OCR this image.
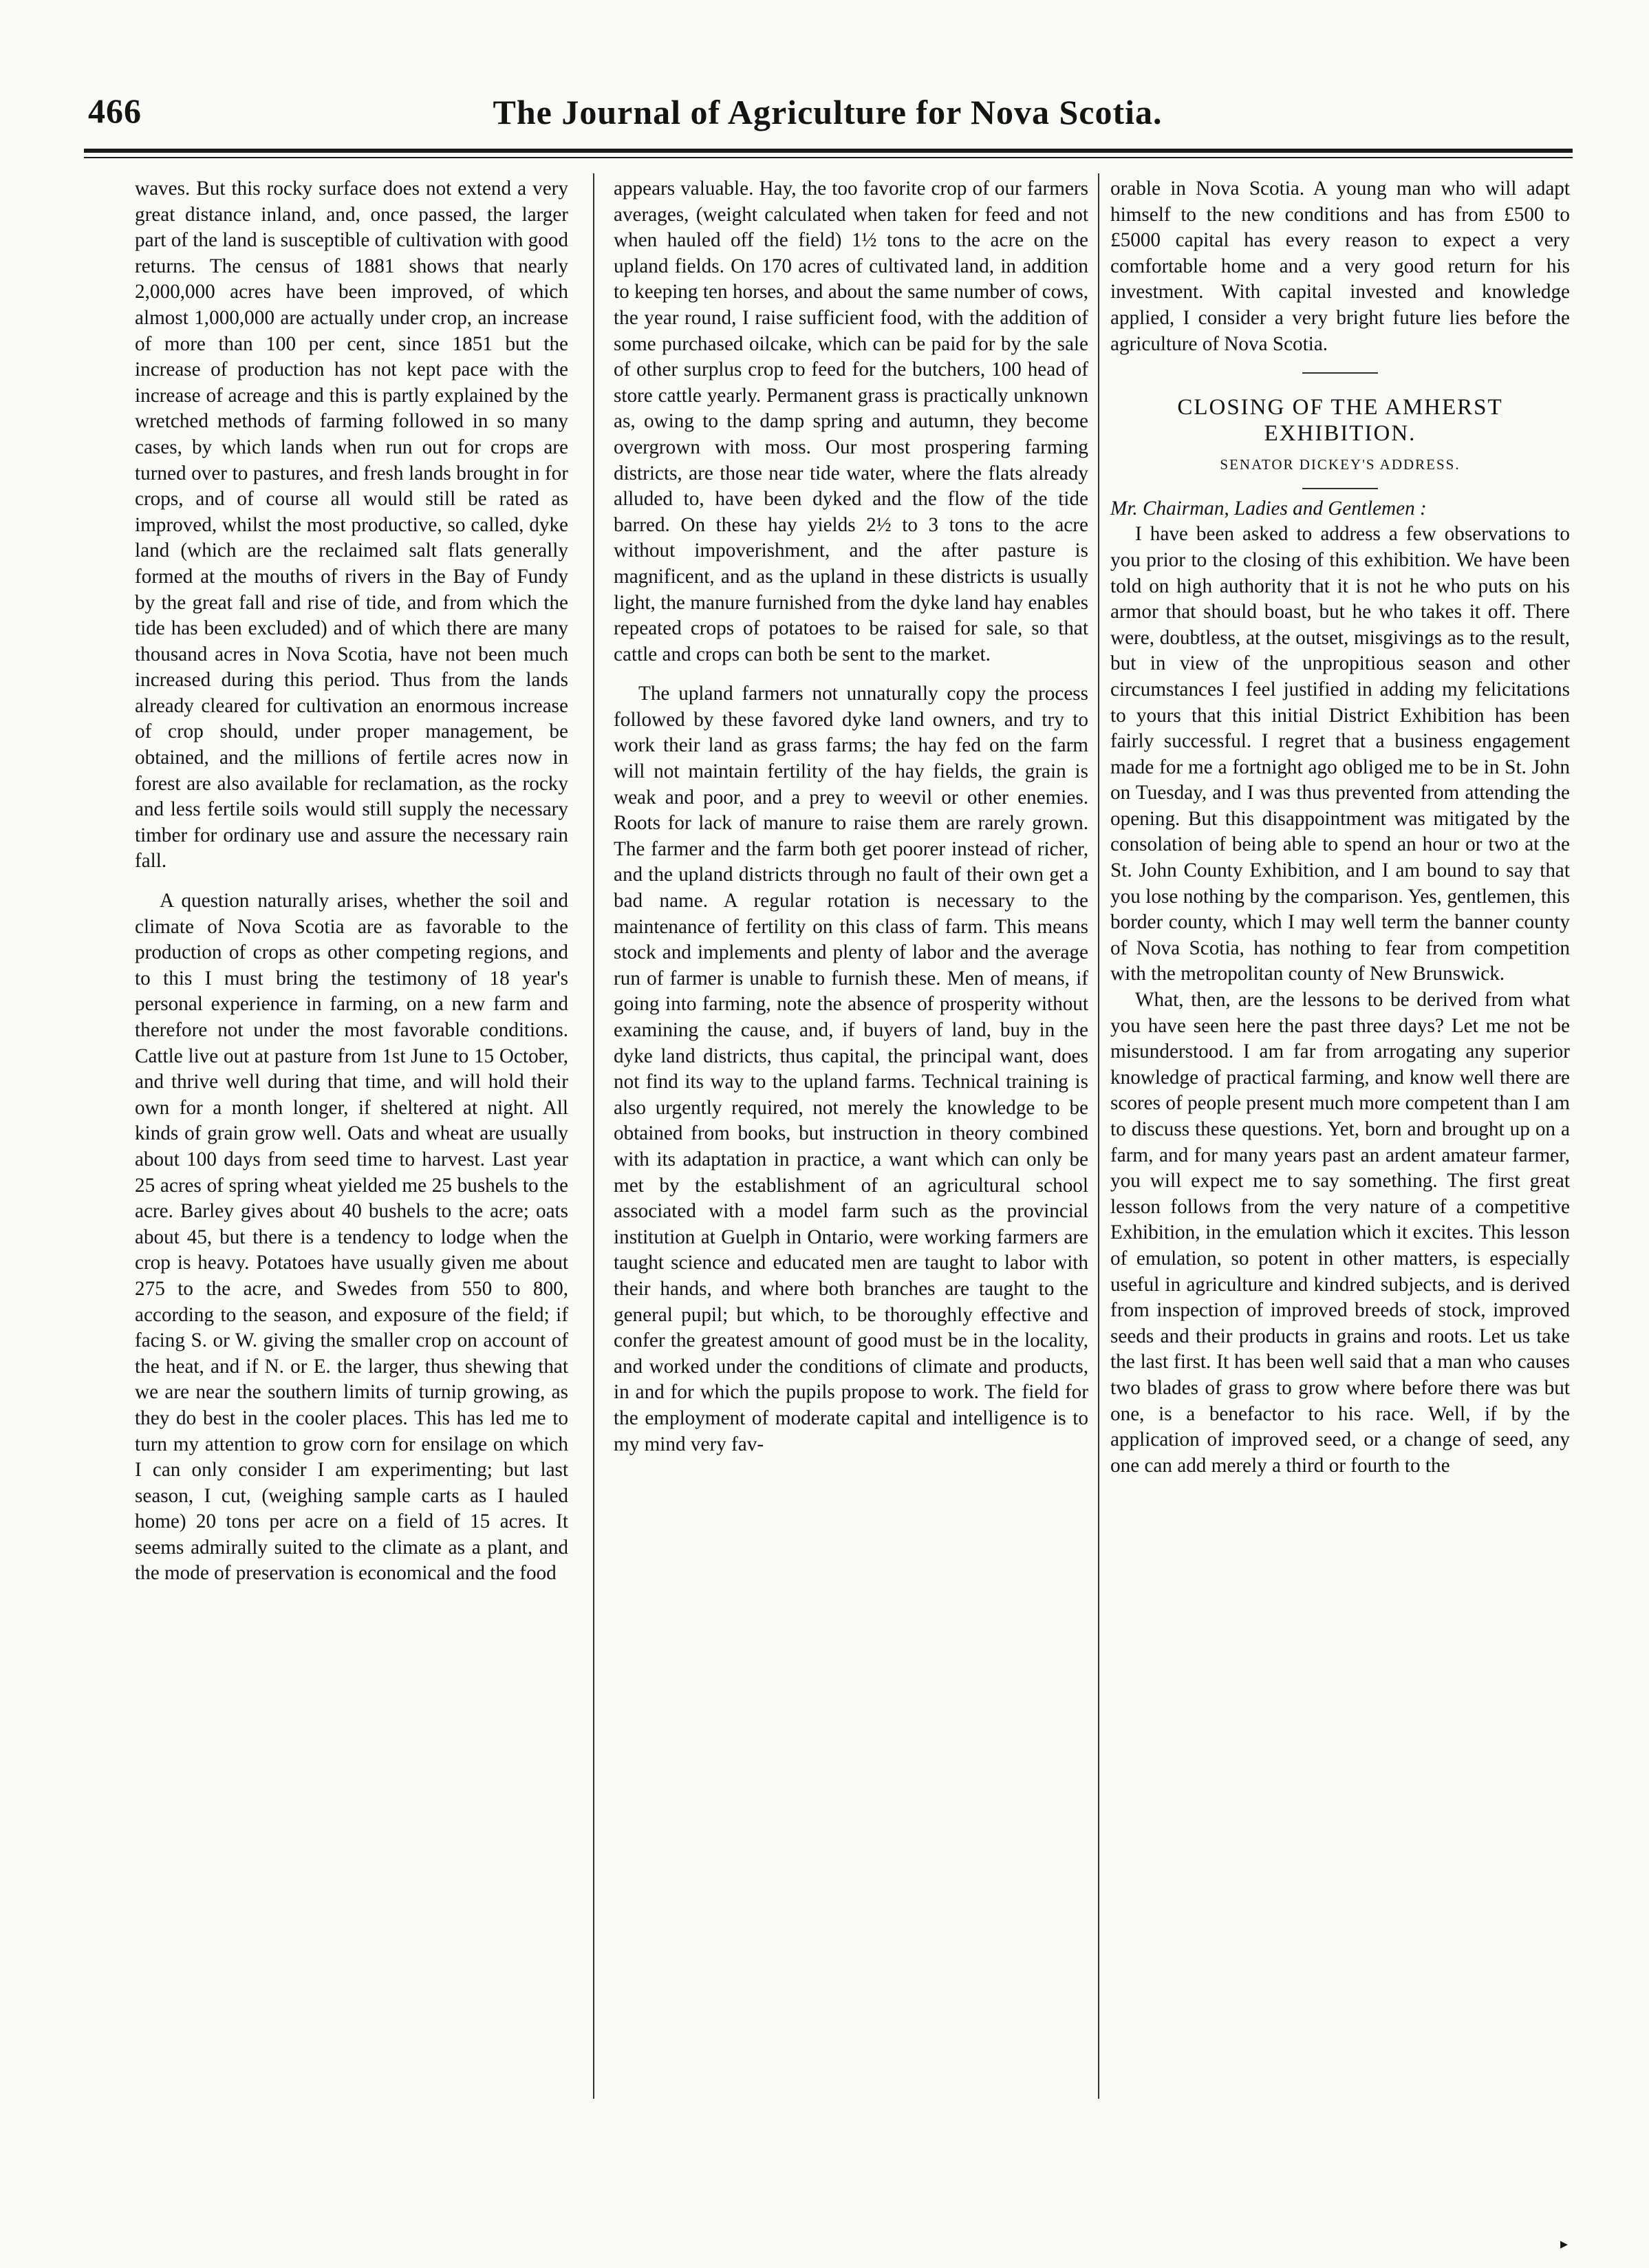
466	The Journal of Agriculture for Nova Scotia.

waves. But this rocky surface does not extend a very great distance inland, and, once passed, the larger part of the land is susceptible of cultivation with good returns. The census of 1881 shows that nearly 2,000,000 acres have been improved, of which almost 1,000,000 are actually under crop, an increase of more than 100 per cent, since 1851 but the increase of production has not kept pace with the increase of acreage and this is partly explained by the wretched methods of farming followed in so many cases, by which lands when run out for crops are turned over to pastures, and fresh lands brought in for crops, and of course all would still be rated as improved, whilst the most productive, so called, dyke land (which are the reclaimed salt flats generally formed at the mouths of rivers in the Bay of Fundy by the great fall and rise of tide, and from which the tide has been excluded) and of which there are many thousand acres in Nova Scotia, have not been much increased during this period. Thus from the lands already cleared for cultivation an enormous increase of crop should, under proper management, be obtained, and the millions of fertile acres now in forest are also available for reclamation, as the rocky and less fertile soils would still supply the necessary timber for ordinary use and assure the necessary rain fall.

A question naturally arises, whether the soil and climate of Nova Scotia are as favorable to the production of crops as other competing regions, and to this I must bring the testimony of 18 year's personal experience in farming, on a new farm and therefore not under the most favorable conditions. Cattle live out at pasture from 1st June to 15 October, and thrive well during that time, and will hold their own for a month longer, if sheltered at night. All kinds of grain grow well. Oats and wheat are usually about 100 days from seed time to harvest. Last year 25 acres of spring wheat yielded me 25 bushels to the acre. Barley gives about 40 bushels to the acre; oats about 45, but there is a tendency to lodge when the crop is heavy. Potatoes have usually given me about 275 to the acre, and Swedes from 550 to 800, according to the season, and exposure of the field; if facing S. or W. giving the smaller crop on account of the heat, and if N. or E. the larger, thus shewing that we are near the southern limits of turnip growing, as they do best in the cooler places. This has led me to turn my attention to grow corn for ensilage on which I can only consider I am experimenting; but last season, I cut, (weighing sample carts as I hauled home) 20 tons per acre on a field of 15 acres. It seems admirally suited to the climate as a plant, and the mode of preservation is economical and the food

appears valuable. Hay, the too favorite crop of our farmers averages, (weight calculated when taken for feed and not when hauled off the field) 1½ tons to the acre on the upland fields. On 170 acres of cultivated land, in addition to keeping ten horses, and about the same number of cows, the year round, I raise sufficient food, with the addition of some purchased oilcake, which can be paid for by the sale of other surplus crop to feed for the butchers, 100 head of store cattle yearly. Permanent grass is practically unknown as, owing to the damp spring and autumn, they become overgrown with moss. Our most prospering farming districts, are those near tide water, where the flats already alluded to, have been dyked and the flow of the tide barred. On these hay yields 2½ to 3 tons to the acre without impoverishment, and the after pasture is magnificent, and as the upland in these districts is usually light, the manure furnished from the dyke land hay enables repeated crops of potatoes to be raised for sale, so that cattle and crops can both be sent to the market.

The upland farmers not unnaturally copy the process followed by these favored dyke land owners, and try to work their land as grass farms; the hay fed on the farm will not maintain fertility of the hay fields, the grain is weak and poor, and a prey to weevil or other enemies. Roots for lack of manure to raise them are rarely grown. The farmer and the farm both get poorer instead of richer, and the upland districts through no fault of their own get a bad name. A regular rotation is necessary to the maintenance of fertility on this class of farm. This means stock and implements and plenty of labor and the average run of farmer is unable to furnish these. Men of means, if going into farming, note the absence of prosperity without examining the cause, and, if buyers of land, buy in the dyke land districts, thus capital, the principal want, does not find its way to the upland farms. Technical training is also urgently required, not merely the knowledge to be obtained from books, but instruction in theory combined with its adaptation in practice, a want which can only be met by the establishment of an agricultural school associated with a model farm such as the provincial institution at Guelph in Ontario, were working farmers are taught science and educated men are taught to labor with their hands, and where both branches are taught to the general pupil; but which, to be thoroughly effective and confer the greatest amount of good must be in the locality, and worked under the conditions of climate and products, in and for which the pupils propose to work. The field for the employment of moderate capital and intelligence is to my mind very fav-

orable in Nova Scotia. A young man who will adapt himself to the new conditions and has from £500 to £5000 capital has every reason to expect a very comfortable home and a very good return for his investment. With capital invested and knowledge applied, I consider a very bright future lies before the agriculture of Nova Scotia.

CLOSING OF THE AMHERST EXHIBITION.
SENATOR DICKEY'S ADDRESS.

Mr. Chairman, Ladies and Gentlemen :

I have been asked to address a few observations to you prior to the closing of this exhibition. We have been told on high authority that it is not he who puts on his armor that should boast, but he who takes it off. There were, doubtless, at the outset, misgivings as to the result, but in view of the unpropitious season and other circumstances I feel justified in adding my felicitations to yours that this initial District Exhibition has been fairly successful. I regret that a business engagement made for me a fortnight ago obliged me to be in St. John on Tuesday, and I was thus prevented from attending the opening. But this disappointment was mitigated by the consolation of being able to spend an hour or two at the St. John County Exhibition, and I am bound to say that you lose nothing by the comparison. Yes, gentlemen, this border county, which I may well term the banner county of Nova Scotia, has nothing to fear from competition with the metropolitan county of New Brunswick.

What, then, are the lessons to be derived from what you have seen here the past three days? Let me not be misunderstood. I am far from arrogating any superior knowledge of practical farming, and know well there are scores of people present much more competent than I am to discuss these questions. Yet, born and brought up on a farm, and for many years past an ardent amateur farmer, you will expect me to say something. The first great lesson follows from the very nature of a competitive Exhibition, in the emulation which it excites. This lesson of emulation, so potent in other matters, is especially useful in agriculture and kindred subjects, and is derived from inspection of improved breeds of stock, improved seeds and their products in grains and roots. Let us take the last first. It has been well said that a man who causes two blades of grass to grow where before there was but one, is a benefactor to his race. Well, if by the application of improved seed, or a change of seed, any one can add merely a third or fourth to the

▸
